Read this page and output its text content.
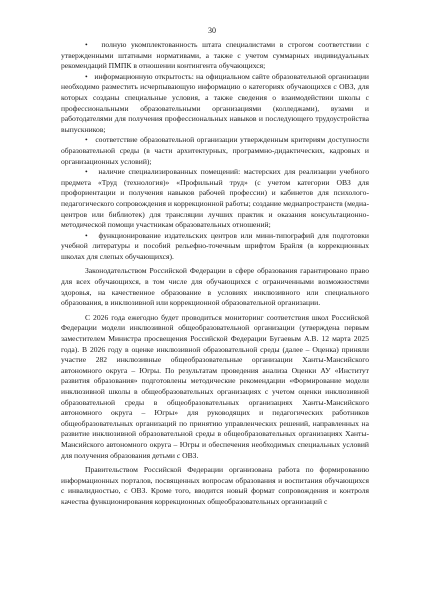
30

•   полную укомплектованность штата специалистами в строгом соответствии с утвержденными штатными нормативами, а также с учетом суммарных индивидуальных рекомендаций ПМПК в отношении контингента обучающихся;

•   информационную открытость: на официальном сайте образовательной организации необходимо разместить исчерпывающую информацию о категориях обучающихся с ОВЗ, для которых созданы специальные условия, а также сведения о взаимодействии школы с профессиональными образовательными организациями (колледжами), вузами и работодателями для получения профессиональных навыков и последующего трудоустройства выпускников;

•   соответствие образовательной организации утвержденным критериям доступности образовательной среды (в части архитектурных, программно-дидактических, кадровых и организационных условий);

•   наличие специализированных помещений: мастерских для реализации учебного предмета «Труд (технология)» «Профильный труд» (с учетом категории ОВЗ для профориентации и получения навыков рабочей профессии) и кабинетов для психолого-педагогического сопровождения и коррекционной работы; создание медиапространств (медиа-центров или библиотек) для трансляции лучших практик и оказания консультационно-методической помощи участникам образовательных отношений;

•   функционирование издательских центров или мини-типографий для подготовки учебной литературы и пособий рельефно-точечным шрифтом Брайля (в коррекционных школах для слепых обучающихся).

Законодательством Российской Федерации в сфере образования гарантировано право для всех обучающихся, в том числе для обучающихся с ограниченными возможностями здоровья, на качественное образование в условиях инклюзивного или специального образования, в инклюзивной или коррекционной образовательной организации.

С 2026 года ежегодно будет проводиться мониторинг соответствия школ Российской Федерации модели инклюзивной общеобразовательной организации (утверждена первым заместителем Министра просвещения Российской Федерации Бугаевым А.В. 12 марта 2025 года). В 2026 году в оценке инклюзивной образовательной среды (далее – Оценка) приняли участие 282 инклюзивные общеобразовательные организации Ханты-Мансийского автономного округа – Югры. По результатам проведения анализа Оценки АУ «Институт развития образования» подготовлены методические рекомендации «Формирование модели инклюзивной школы в общеобразовательных организациях с учетом оценки инклюзивной образовательной среды в общеобразовательных организациях Ханты-Мансийского автономного округа – Югры» для руководящих и педагогических работников общеобразовательных организаций по принятию управленческих решений, направленных на развитие инклюзивной образовательной среды в общеобразовательных организациях Ханты-Мансийского автономного округа – Югры и обеспечения необходимых специальных условий для получения образования детьми с ОВЗ.

Правительством Российской Федерации организована работа по формированию информационных порталов, посвященных вопросам образования и воспитания обучающихся с инвалидностью, с ОВЗ. Кроме того, вводится новый формат сопровождения и контроля качества функционирования коррекционных общеобразовательных организаций с
